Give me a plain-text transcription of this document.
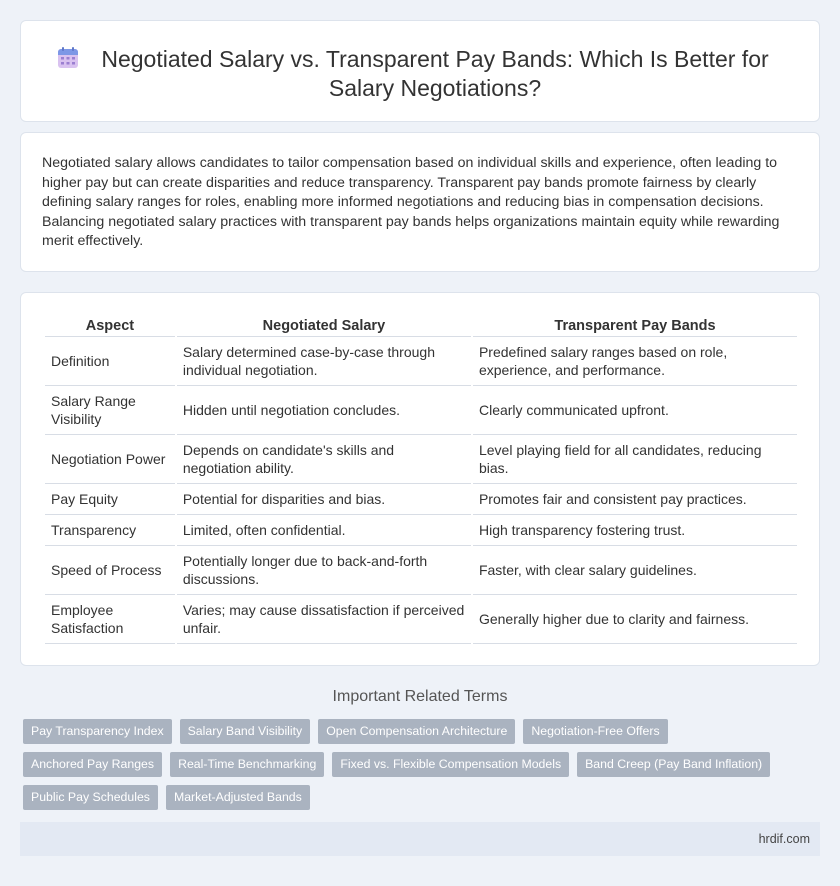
Negotiated Salary vs. Transparent Pay Bands: Which Is Better for Salary Negotiations?

Negotiated salary allows candidates to tailor compensation based on individual skills and experience, often leading to higher pay but can create disparities and reduce transparency. Transparent pay bands promote fairness by clearly defining salary ranges for roles, enabling more informed negotiations and reducing bias in compensation decisions. Balancing negotiated salary practices with transparent pay bands helps organizations maintain equity while rewarding merit effectively.

Aspect	Negotiated Salary	Transparent Pay Bands
Definition	Salary determined case-by-case through individual negotiation.	Predefined salary ranges based on role, experience, and performance.
Salary Range Visibility	Hidden until negotiation concludes.	Clearly communicated upfront.
Negotiation Power	Depends on candidate's skills and negotiation ability.	Level playing field for all candidates, reducing bias.
Pay Equity	Potential for disparities and bias.	Promotes fair and consistent pay practices.
Transparency	Limited, often confidential.	High transparency fostering trust.
Speed of Process	Potentially longer due to back-and-forth discussions.	Faster, with clear salary guidelines.
Employee Satisfaction	Varies; may cause dissatisfaction if perceived unfair.	Generally higher due to clarity and fairness.
Important Related Terms
Pay Transparency Index	Salary Band Visibility	Open Compensation Architecture	Negotiation-Free Offers
Anchored Pay Ranges	Real-Time Benchmarking	Fixed vs. Flexible Compensation Models	Band Creep (Pay Band Inflation)
Public Pay Schedules	Market-Adjusted Bands
hrdif.com
